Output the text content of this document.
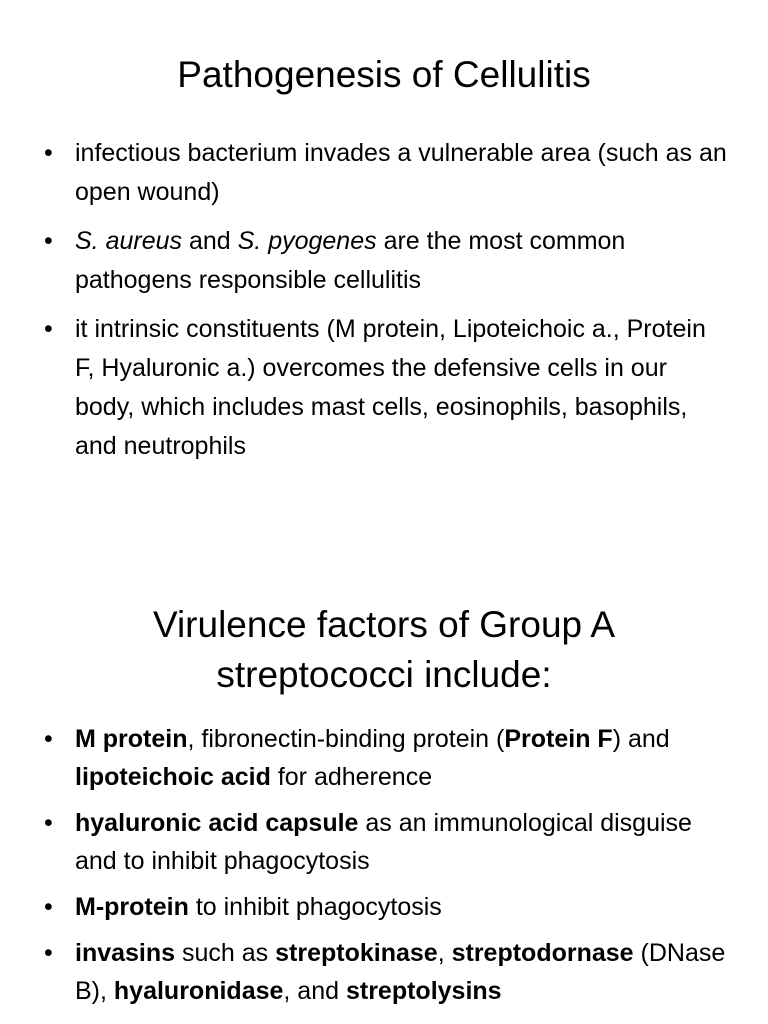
Pathogenesis of Cellulitis
• infectious bacterium invades a vulnerable area (such as an open wound)
• S. aureus and S. pyogenes are the most common pathogens responsible cellulitis
• it intrinsic constituents (M protein, Lipoteichoic a., Protein F, Hyaluronic a.) overcomes the defensive cells in our body, which includes mast cells, eosinophils, basophils, and neutrophils
Virulence factors of Group A
streptococci include:
• M protein, fibronectin-binding protein (Protein F) and lipoteichoic acid for adherence
• hyaluronic acid capsule as an immunological disguise and to inhibit phagocytosis
• M-protein to inhibit phagocytosis
• invasins such as streptokinase, streptodornase (DNase B), hyaluronidase, and streptolysins
